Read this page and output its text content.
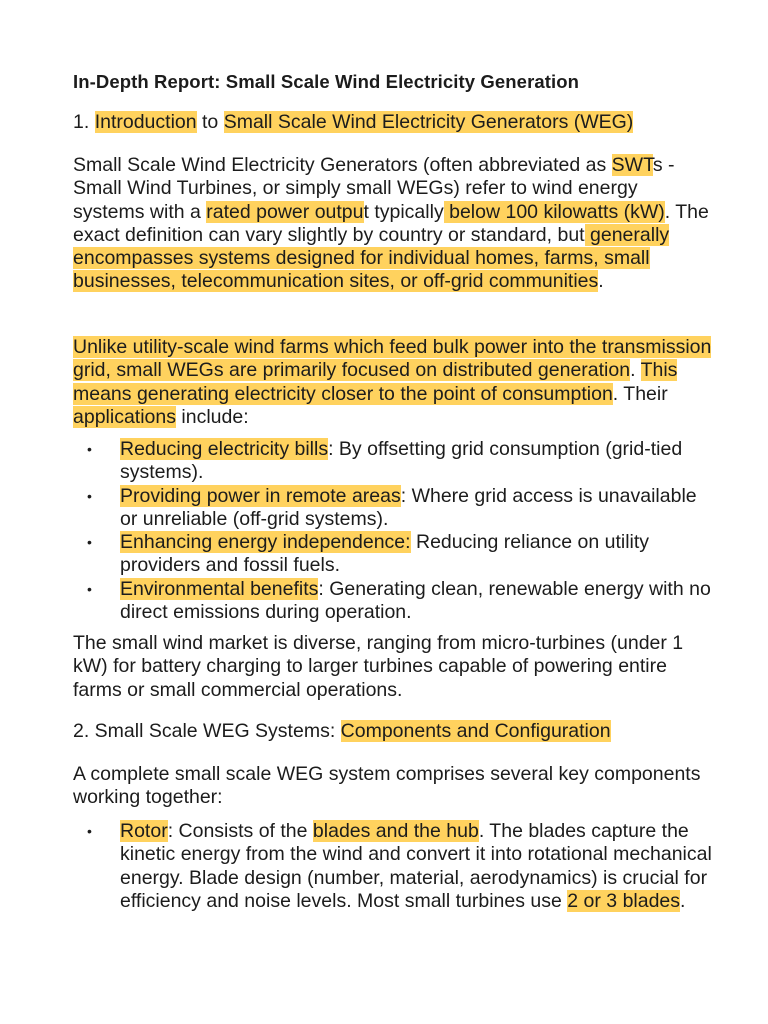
In-Depth Report: Small Scale Wind Electricity Generation

1. Introduction to Small Scale Wind Electricity Generators (WEG)

Small Scale Wind Electricity Generators (often abbreviated as SWTs - Small Wind Turbines, or simply small WEGs) refer to wind energy systems with a rated power output typically below 100 kilowatts (kW). The exact definition can vary slightly by country or standard, but generally encompasses systems designed for individual homes, farms, small businesses, telecommunication sites, or off-grid communities.

Unlike utility-scale wind farms which feed bulk power into the transmission grid, small WEGs are primarily focused on distributed generation. This means generating electricity closer to the point of consumption. Their applications include:

• Reducing electricity bills: By offsetting grid consumption (grid-tied systems).
• Providing power in remote areas: Where grid access is unavailable or unreliable (off-grid systems).
• Enhancing energy independence: Reducing reliance on utility providers and fossil fuels.
• Environmental benefits: Generating clean, renewable energy with no direct emissions during operation.

The small wind market is diverse, ranging from micro-turbines (under 1 kW) for battery charging to larger turbines capable of powering entire farms or small commercial operations.

2. Small Scale WEG Systems: Components and Configuration

A complete small scale WEG system comprises several key components working together:

• Rotor: Consists of the blades and the hub. The blades capture the kinetic energy from the wind and convert it into rotational mechanical energy. Blade design (number, material, aerodynamics) is crucial for efficiency and noise levels. Most small turbines use 2 or 3 blades.
